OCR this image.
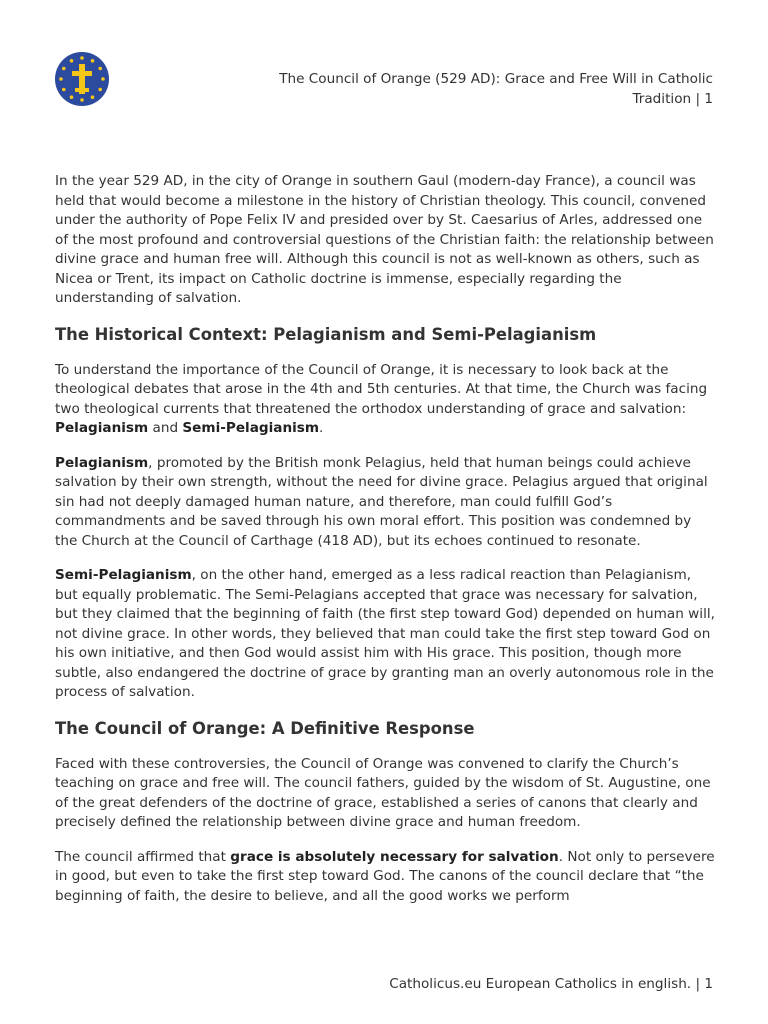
The Council of Orange (529 AD): Grace and Free Will in Catholic
Tradition | 1

In the year 529 AD, in the city of Orange in southern Gaul (modern-day France), a council was held that would become a milestone in the history of Christian theology. This council, convened under the authority of Pope Felix IV and presided over by St. Caesarius of Arles, addressed one of the most profound and controversial questions of the Christian faith: the relationship between divine grace and human free will. Although this council is not as well-known as others, such as Nicea or Trent, its impact on Catholic doctrine is immense, especially regarding the understanding of salvation.

The Historical Context: Pelagianism and Semi-Pelagianism

To understand the importance of the Council of Orange, it is necessary to look back at the theological debates that arose in the 4th and 5th centuries. At that time, the Church was facing two theological currents that threatened the orthodox understanding of grace and salvation: Pelagianism and Semi-Pelagianism.

Pelagianism, promoted by the British monk Pelagius, held that human beings could achieve salvation by their own strength, without the need for divine grace. Pelagius argued that original sin had not deeply damaged human nature, and therefore, man could fulfill God’s commandments and be saved through his own moral effort. This position was condemned by the Church at the Council of Carthage (418 AD), but its echoes continued to resonate.

Semi-Pelagianism, on the other hand, emerged as a less radical reaction than Pelagianism, but equally problematic. The Semi-Pelagians accepted that grace was necessary for salvation, but they claimed that the beginning of faith (the first step toward God) depended on human will, not divine grace. In other words, they believed that man could take the first step toward God on his own initiative, and then God would assist him with His grace. This position, though more subtle, also endangered the doctrine of grace by granting man an overly autonomous role in the process of salvation.

The Council of Orange: A Definitive Response

Faced with these controversies, the Council of Orange was convened to clarify the Church’s teaching on grace and free will. The council fathers, guided by the wisdom of St. Augustine, one of the great defenders of the doctrine of grace, established a series of canons that clearly and precisely defined the relationship between divine grace and human freedom.

The council affirmed that grace is absolutely necessary for salvation. Not only to persevere in good, but even to take the first step toward God. The canons of the council declare that “the beginning of faith, the desire to believe, and all the good works we perform

Catholicus.eu European Catholics in english. | 1
